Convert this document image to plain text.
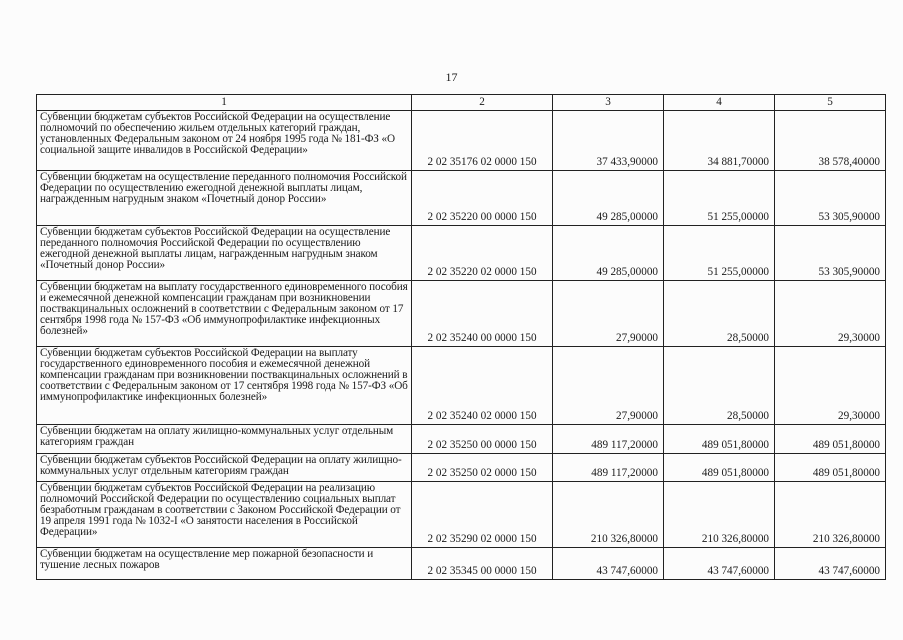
17
1	2	3	4	5
Субвенции бюджетам субъектов Российской Федерации на осуществление полномочий по обеспечению жильем отдельных категорий граждан, установленных Федеральным законом от 24 ноября 1995 года № 181-ФЗ «О социальной защите инвалидов в Российской Федерации»	2 02 35176 02 0000 150	37 433,90000	34 881,70000	38 578,40000
Субвенции бюджетам на осуществление переданного полномочия Российской Федерации по осуществлению ежегодной денежной выплаты лицам, награжденным нагрудным знаком «Почетный донор России»	2 02 35220 00 0000 150	49 285,00000	51 255,00000	53 305,90000
Субвенции бюджетам субъектов Российской Федерации на осуществление переданного полномочия Российской Федерации по осуществлению ежегодной денежной выплаты лицам, награжденным нагрудным знаком «Почетный донор России»	2 02 35220 02 0000 150	49 285,00000	51 255,00000	53 305,90000
Субвенции бюджетам на выплату государственного единовременного пособия и ежемесячной денежной компенсации гражданам при возникновении поствакцинальных осложнений в соответствии с Федеральным законом от 17 сентября 1998 года № 157-ФЗ «Об иммунопрофилактике инфекционных болезней»	2 02 35240 00 0000 150	27,90000	28,50000	29,30000
Субвенции бюджетам субъектов Российской Федерации на выплату государственного единовременного пособия и ежемесячной денежной компенсации гражданам при возникновении поствакцинальных осложнений в соответствии с Федеральным законом от 17 сентября 1998 года № 157-ФЗ «Об иммунопрофилактике инфекционных болезней»	2 02 35240 02 0000 150	27,90000	28,50000	29,30000
Субвенции бюджетам на оплату жилищно-коммунальных услуг отдельным категориям граждан	2 02 35250 00 0000 150	489 117,20000	489 051,80000	489 051,80000
Субвенции бюджетам субъектов Российской Федерации на оплату жилищно-коммунальных услуг отдельным категориям граждан	2 02 35250 02 0000 150	489 117,20000	489 051,80000	489 051,80000
Субвенции бюджетам субъектов Российской Федерации на реализацию полномочий Российской Федерации по осуществлению социальных выплат безработным гражданам в соответствии с Законом Российской Федерации от 19 апреля 1991 года № 1032-I «О занятости населения в Российской Федерации»	2 02 35290 02 0000 150	210 326,80000	210 326,80000	210 326,80000
Субвенции бюджетам на осуществление мер пожарной безопасности и тушение лесных пожаров	2 02 35345 00 0000 150	43 747,60000	43 747,60000	43 747,60000
